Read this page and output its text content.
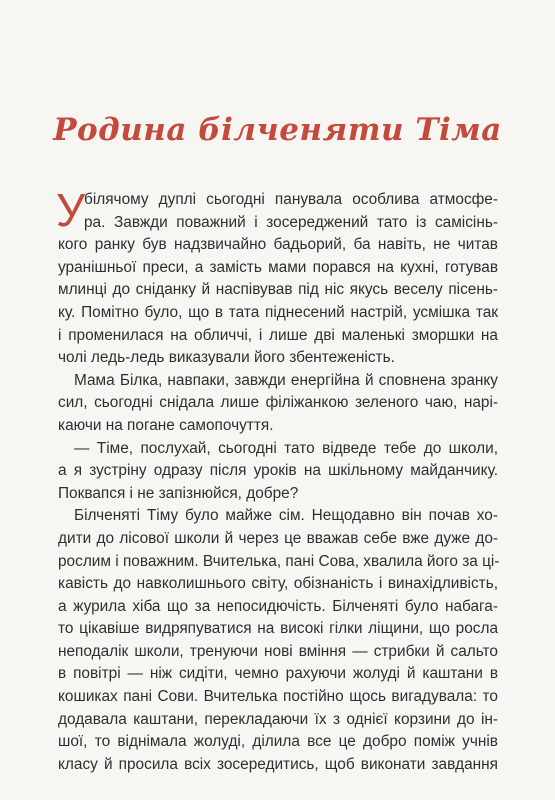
Родина білченяти Тіма
У
білячому дуплі сьогодні панувала особлива атмосфе-
ра. Завжди поважний і зосереджений тато із самісінь-
кого ранку був надзвичайно бадьорий, ба навіть, не читав
уранішньої преси, а замість мами порався на кухні, готував
млинці до сніданку й наспівував під ніс якусь веселу пісень-
ку. Помітно було, що в тата піднесений настрій, усмішка так
і променилася на обличчі, і лише дві маленькі зморшки на
чолі ледь-ледь виказували його збентеженість.
Мама Білка, навпаки, завжди енергійна й сповнена зранку
сил, сьогодні снідала лише філіжанкою зеленого чаю, нарі-
каючи на погане самопочуття.
— Тіме, послухай, сьогодні тато відведе тебе до школи,
а я зустріну одразу після уроків на шкільному майданчику.
Поквапся і не запізнюйся, добре?
Білченяті Тіму було майже сім. Нещодавно він почав хо-
дити до лісової школи й через це вважав себе вже дуже до-
рослим і поважним. Вчителька, пані Сова, хвалила його за ці-
кавість до навколишнього світу, обізнаність і винахідливість,
а журила хіба що за непосидючість. Білченяті було набага-
то цікавіше видряпуватися на високі гілки ліщини, що росла
неподалік школи, тренуючи нові вміння — стрибки й сальто
в повітрі — ніж сидіти, чемно рахуючи жолуді й каштани в
кошиках пані Сови. Вчителька постійно щось вигадувала: то
додавала каштани, перекладаючи їх з однієї корзини до ін-
шої, то віднімала жолуді, ділила все це добро поміж учнів
класу й просила всіх зосередитись, щоб виконати завдання
